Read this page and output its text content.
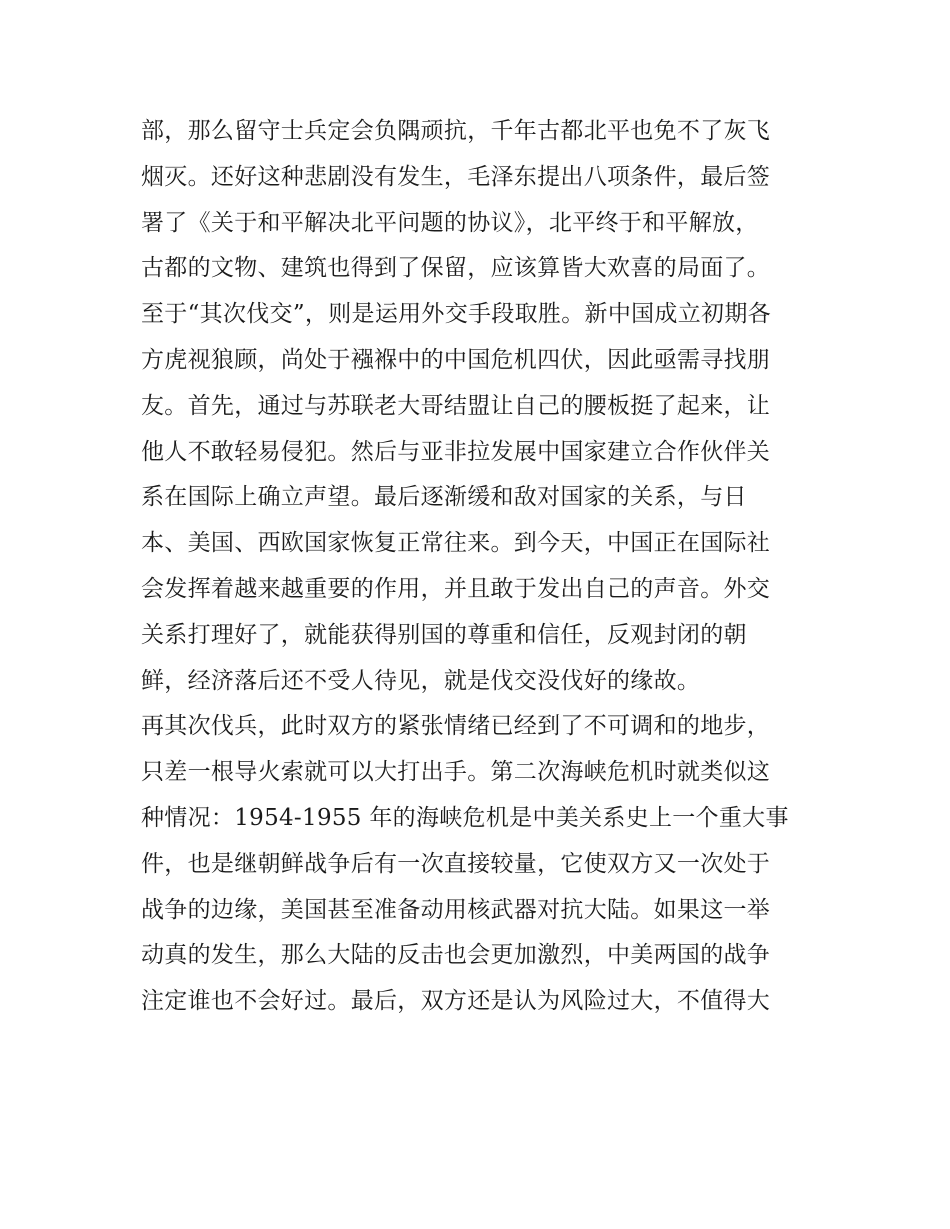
部，那么留守士兵定会负隅顽抗，千年古都北平也免不了灰飞
烟灭。还好这种悲剧没有发生，毛泽东提出八项条件，最后签
署了《关于和平解决北平问题的协议》，北平终于和平解放，
古都的文物、建筑也得到了保留，应该算皆大欢喜的局面了。
至于“其次伐交”，则是运用外交手段取胜。新中国成立初期各
方虎视狼顾，尚处于襁褓中的中国危机四伏，因此亟需寻找朋
友。首先，通过与苏联老大哥结盟让自己的腰板挺了起来，让
他人不敢轻易侵犯。然后与亚非拉发展中国家建立合作伙伴关
系在国际上确立声望。最后逐渐缓和敌对国家的关系，与日
本、美国、西欧国家恢复正常往来。到今天，中国正在国际社
会发挥着越来越重要的作用，并且敢于发出自己的声音。外交
关系打理好了，就能获得别国的尊重和信任，反观封闭的朝
鲜，经济落后还不受人待见，就是伐交没伐好的缘故。
再其次伐兵，此时双方的紧张情绪已经到了不可调和的地步，
只差一根导火索就可以大打出手。第二次海峡危机时就类似这
种情况：1954-1955 年的海峡危机是中美关系史上一个重大事
件，也是继朝鲜战争后有一次直接较量，它使双方又一次处于
战争的边缘，美国甚至准备动用核武器对抗大陆。如果这一举
动真的发生，那么大陆的反击也会更加激烈，中美两国的战争
注定谁也不会好过。最后，双方还是认为风险过大，不值得大
